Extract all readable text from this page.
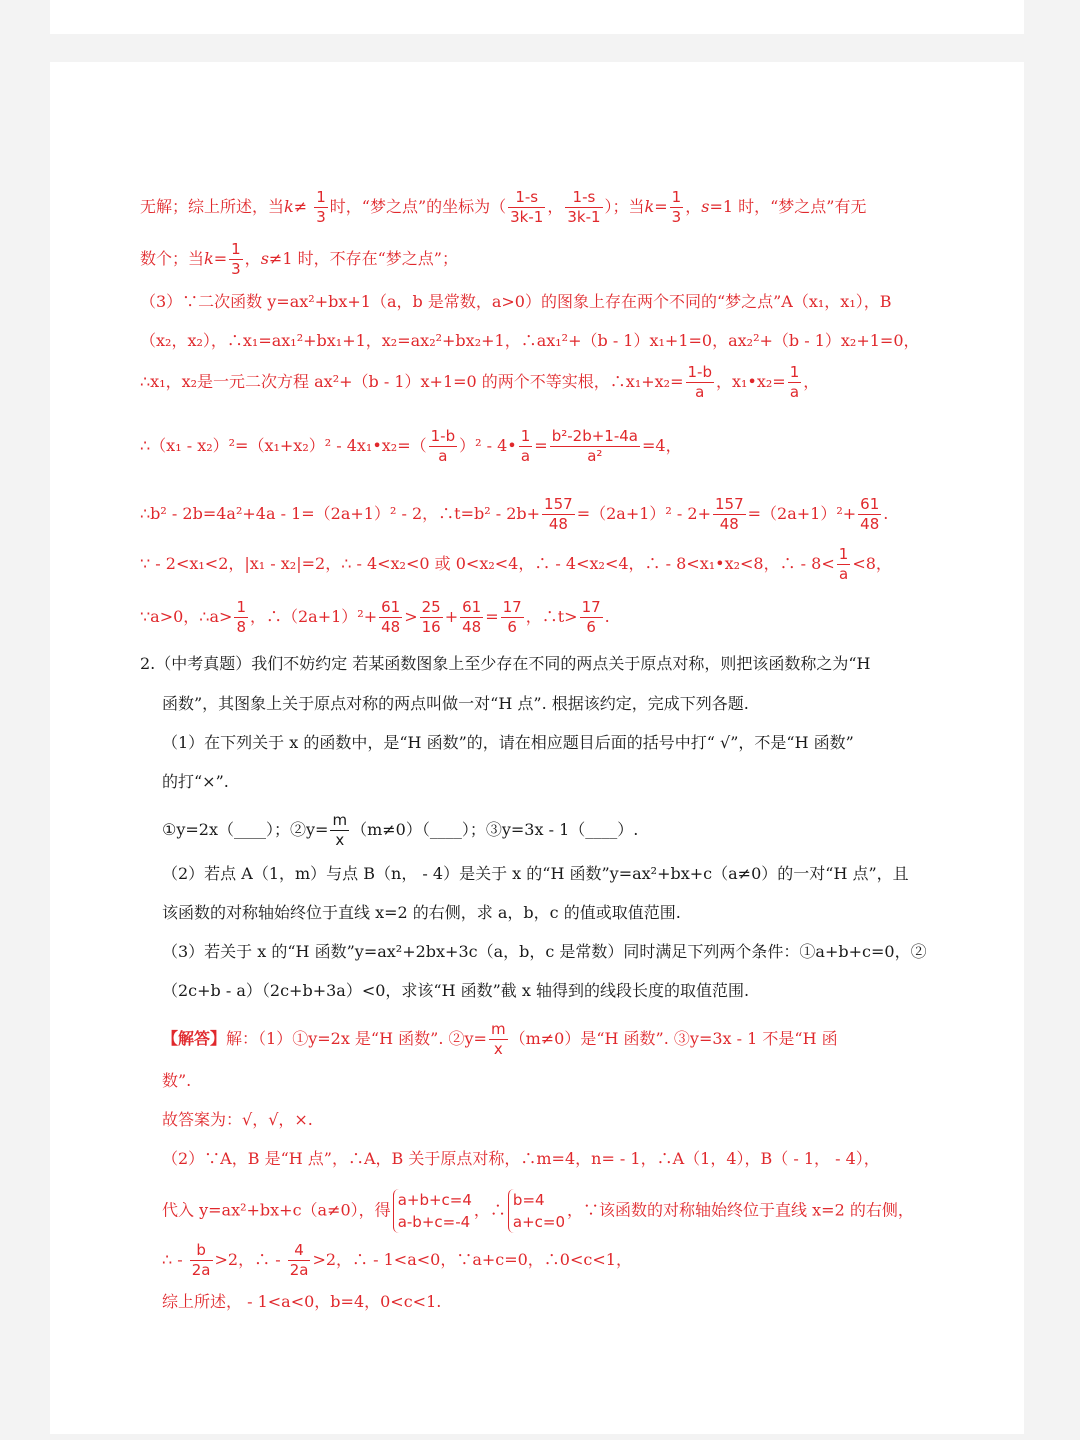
无解；综上所述，当$k\ne \frac{1}{3}$ 时，“梦之点”的坐标为（ $\frac{1-s}{3k-1}$ ， $\frac{1-s}{3k-1}$ ）；当$k= \frac{1}{3}$ ，s=1 时，“梦之点”有无
数个；当$k= \frac{1}{3}$ ，s≠1 时，不存在“梦之点”；
（3）∵二次函数 y=ax²+bx+1（a，b 是常数，a>0）的图象上存在两个不同的“梦之点”A（x₁，x₁），B
（x₂，x₂），∴x₁=ax₁²+bx₁+1，x₂=ax₂²+bx₂+1，∴ax₁²+（b - 1）x₁+1=0，ax₂²+（b - 1）x₂+1=0，
∴x₁，x₂是一元二次方程 ax²+（b - 1）x+1=0 的两个不等实根，∴x₁+x₂= $\frac{1-b}{a}$ ，x₁•x₂= $\frac{1}{a}$ ，
∴（x₁ - x₂）²=（x₁+x₂）² - 4x₁•x₂=（ $\frac{1-b}{a} )^2$ - 4• $\frac{1}{a} = \frac{\text{b²-2b+1-4a}}{\text{a²}} =4$，
∴b² - 2b=4a²+4a - 1=（2a+1）² - 2，∴t=b² - $2b+ \frac{157}{48} =(2a+1)^2 - 2+ \frac{157}{48} =(2a+1)^2+ \frac{61}{48}$ .
∵ - 2<x₁<2，|x₁ - x₂|=2，∴ - 4<x₂<0 或 0<x₂<4，∴ - 4<x₂<4，∴ - 8<x₁•x₂<8，∴ - $8< \frac{1}{a} <8$，
∵a>0，∴a> $\frac{1}{8}$ ，∴（2a+1）²+ $\frac{61}{48} > \frac{25}{16} + \frac{61}{48} = \frac{17}{6}$ ，∴t> $\frac{17}{6}$ .
2.（中考真题）我们不妨约定 若某函数图象上至少存在不同的两点关于原点对称，则把该函数称之为“H
函数”，其图象上关于原点对称的两点叫做一对“H 点”. 根据该约定，完成下列各题.
（1）在下列关于 x 的函数中，是“H 函数”的，请在相应题目后面的括号中打“ √”，不是“H 函数”
的打“×”.
①y=2x（____）；②y= $\frac{m}{x}$ （m≠0）（____）；③y=3x - 1（____）.
（2）若点 A（1，m）与点 B（n， - 4）是关于 x 的“H 函数”y=ax²+bx+c（a≠0）的一对“H 点”，且
该函数的对称轴始终位于直线 x=2 的右侧，求 a，b，c 的值或取值范围.
（3）若关于 x 的“H 函数”y=ax²+2bx+3c（a，b，c 是常数）同时满足下列两个条件：①a+b+c=0，②
（2c+b - a）（2c+b+3a）<0，求该“H 函数”截 x 轴得到的线段长度的取值范围.
【解答】解：（1）①y=2x 是“H 函数”. ②y= $\frac{m}{x} (m\ne 0)$是“H 函数”. ③y=3x - 1 不是“H 函
数”.
故答案为：√，√，×.
（2）∵A，B 是“H 点”，∴A，B 关于原点对称，∴m=4，n= - 1，∴A（1，4），B（ - 1， - 4），
代入 y=ax²+bx+c（a≠0），得
a+b+c=4
a-b+c=-4
，∴
b=4
a+c=0
，∵该函数的对称轴始终位于直线 x=2 的右侧，
∴ - $\frac{b}{2a} >2$，∴ - $\frac{4}{2a} >2$，∴ - 1<a<0，∵a+c=0，∴0<c<1，
综上所述， - 1<a<0，b=4，0<c<1.
